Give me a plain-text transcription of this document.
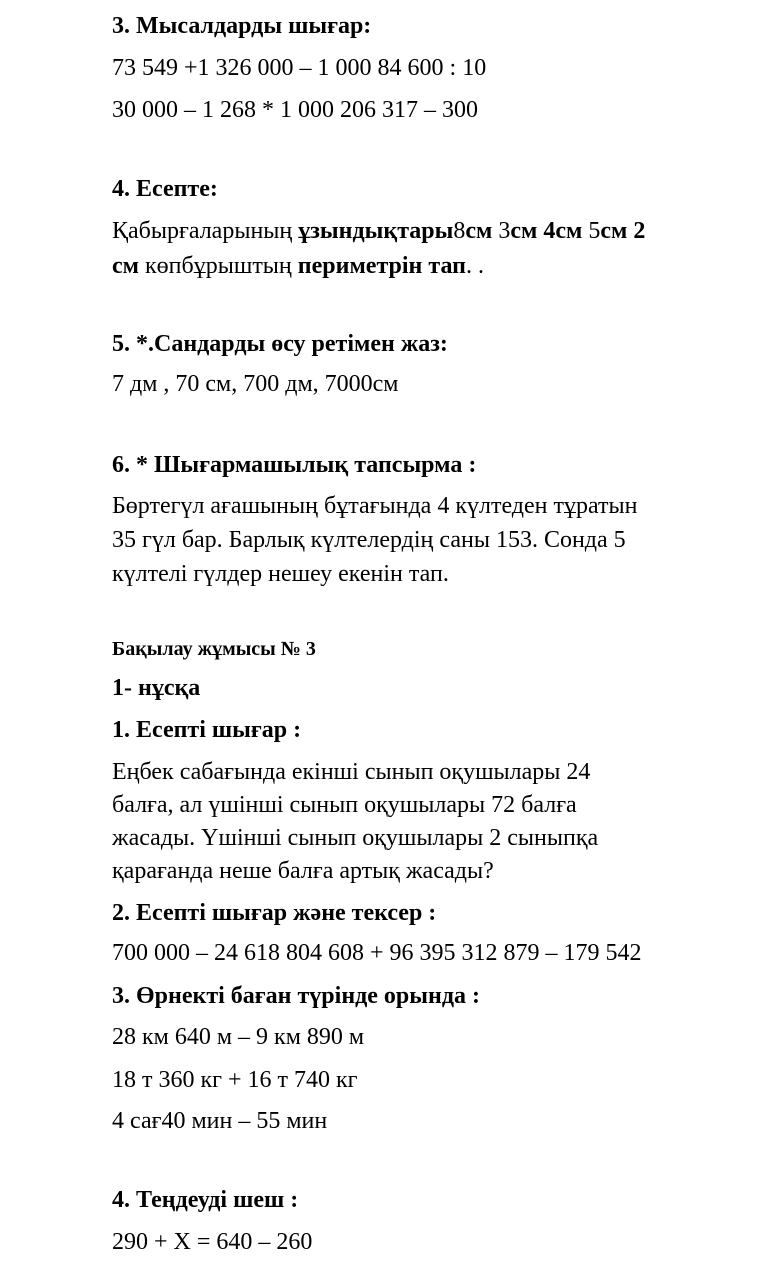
3. Мысалдарды шығар:

73 549 +1 326 000 – 1 000 84 600 : 10

30 000 – 1 268 * 1 000 206 317 – 300

4. Есепте:

Қабырғаларының ұзындықтары8см 3см 4см 5см 2

см көпбұрыштың периметрін тап. .

5. *.Сандарды өсу ретімен жаз:

7 дм , 70 см, 700 дм, 7000см

6. * Шығармашылық тапсырма :

Бөртегүл ағашының бұтағында 4 күлтеден тұратын

35 гүл бар. Барлық күлтелердің саны 153. Сонда 5

күлтелі гүлдер нешеу екенін тап.

Бақылау жұмысы № 3

1- нұсқа

1. Есепті шығар :

Еңбек сабағында екінші сынып оқушылары 24

балға, ал үшінші сынып оқушылары 72 балға

жасады. Үшінші сынып оқушылары 2 сыныпқа

қарағанда неше балға артық жасады?

2. Есепті шығар және тексер :

700 000 – 24 618 804 608 + 96 395 312 879 – 179 542

3. Өрнекті баған түрінде орында :

28 км 640 м – 9 км 890 м

18 т 360 кг + 16 т 740 кг

4 сағ40 мин – 55 мин

4. Теңдеуді шеш :

290 + Х = 640 – 260
